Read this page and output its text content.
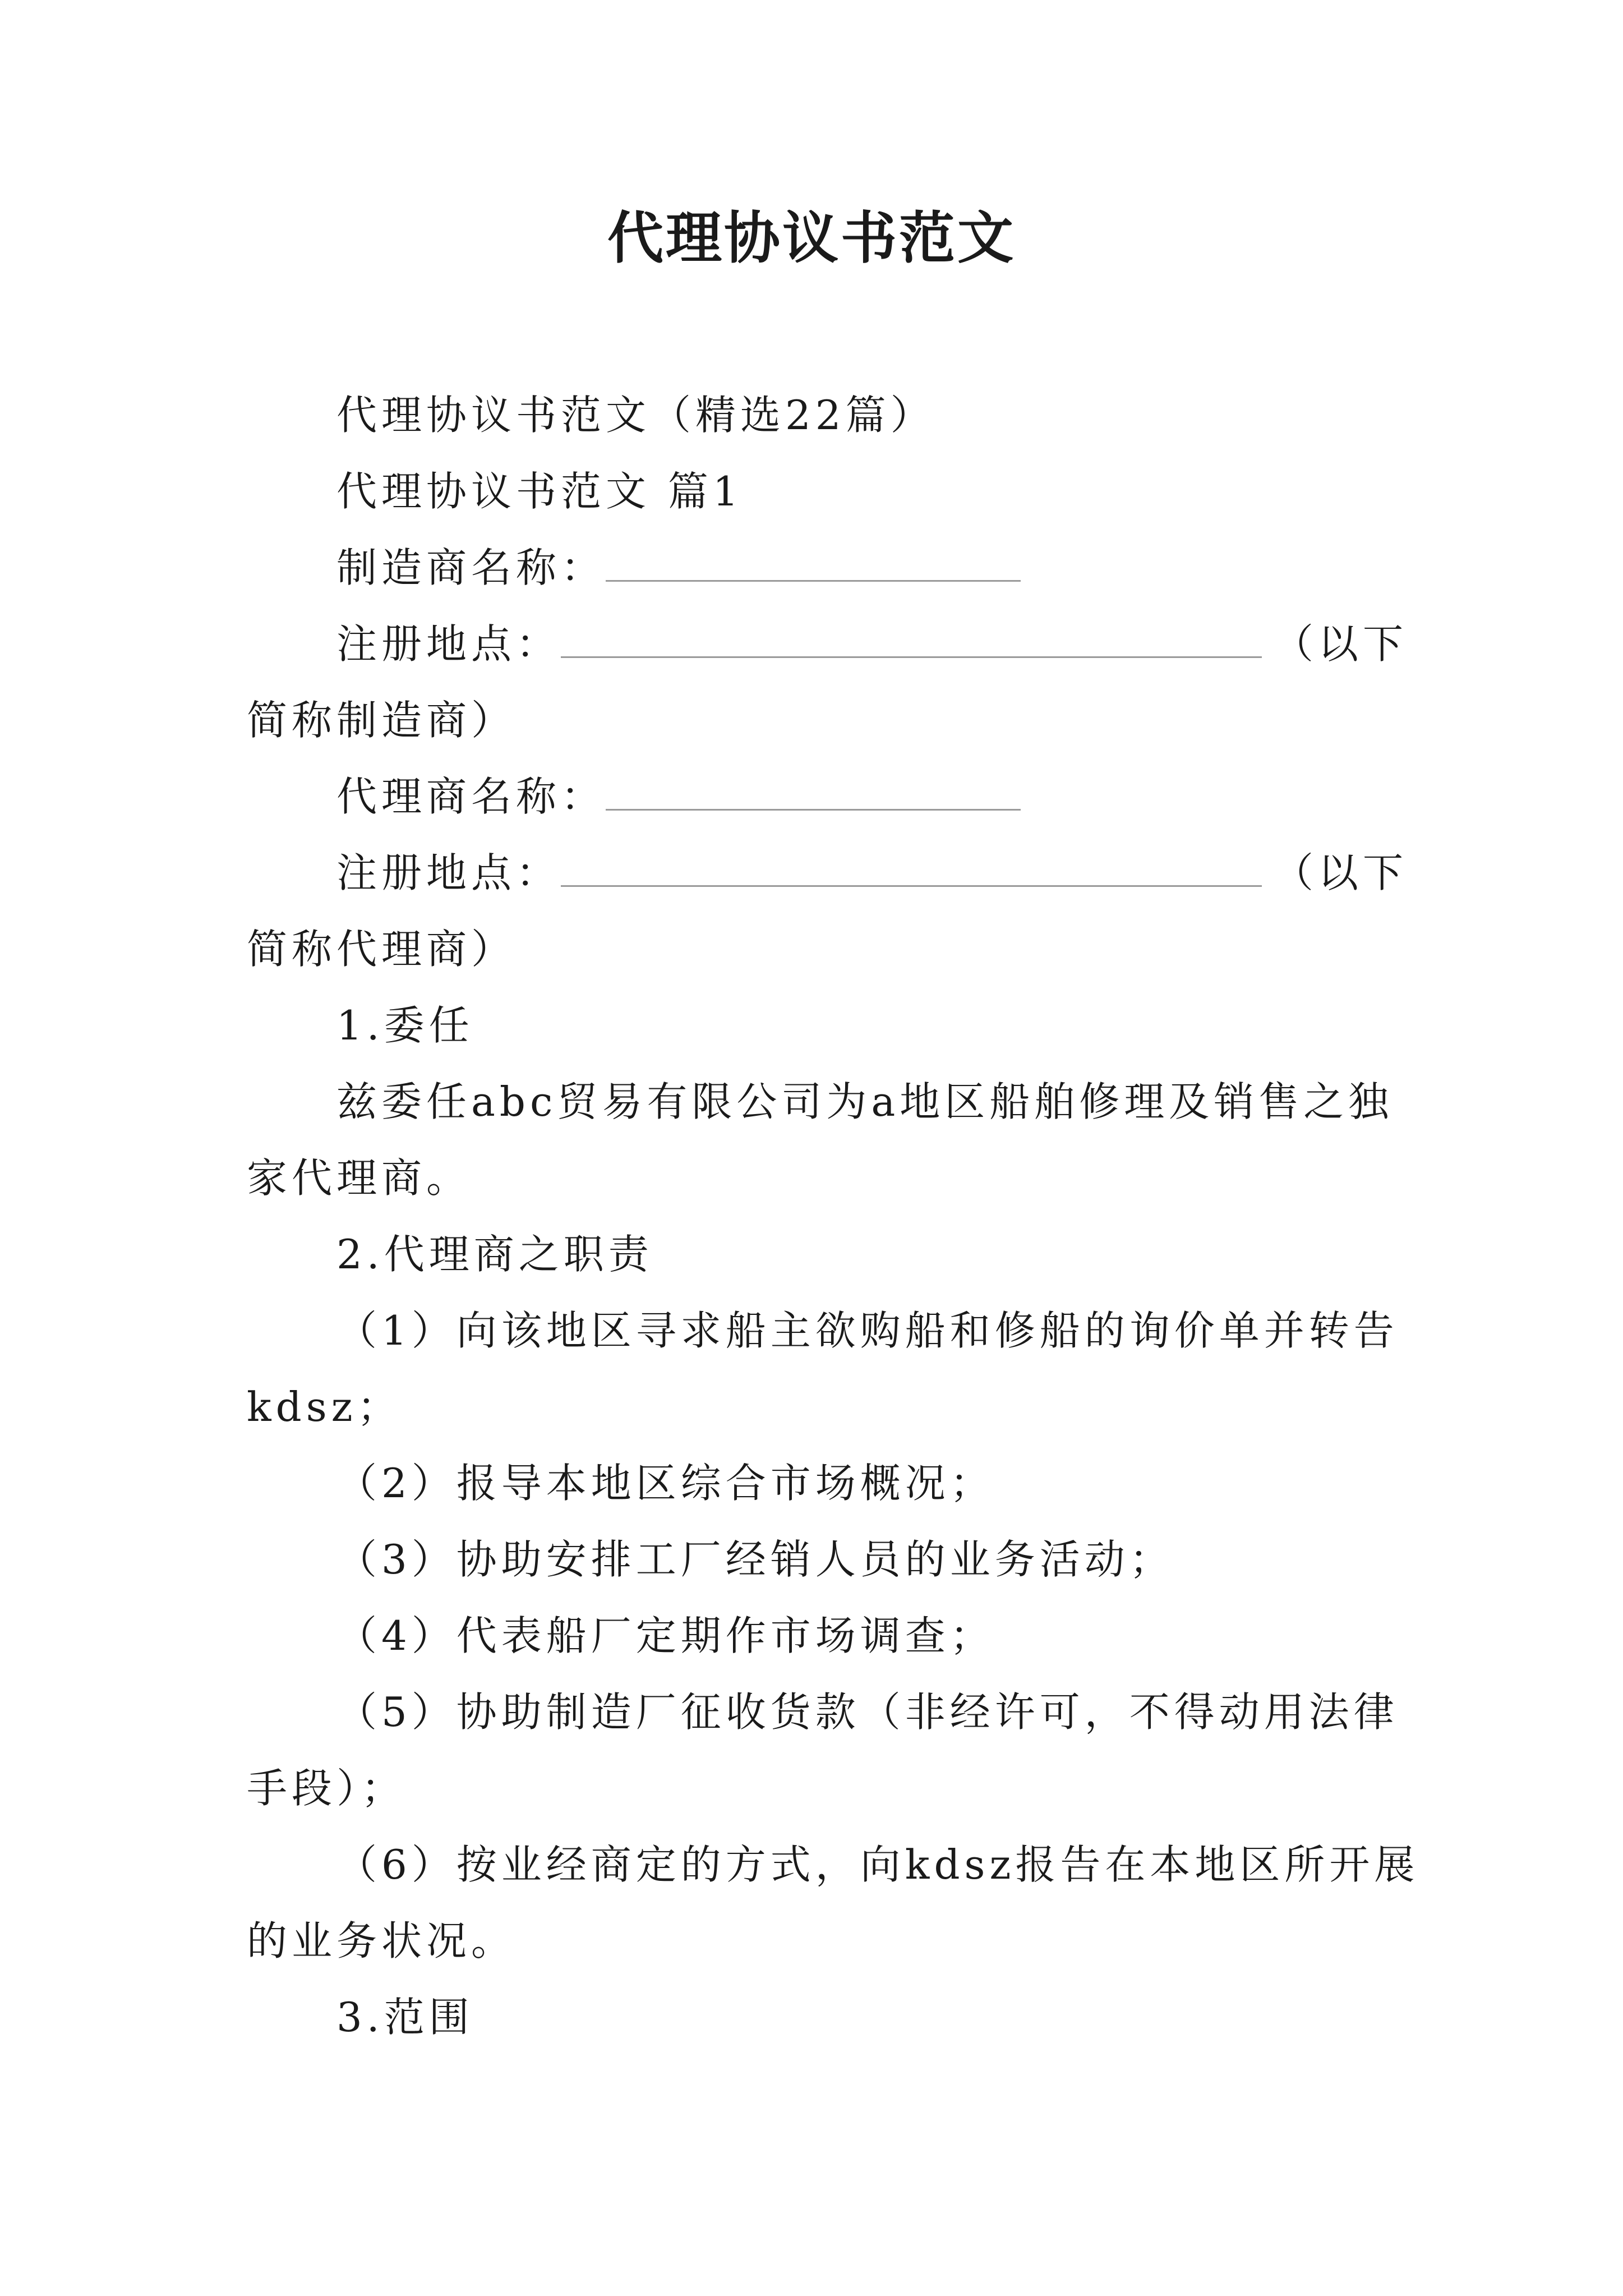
代理协议书范文
代理协议书范文（精选22篇）
代理协议书范文 篇1
制造商名称：
注册地点：	（以下
简称制造商）
代理商名称：
注册地点：	（以下
简称代理商）
1.委任
兹委任abc贸易有限公司为a地区船舶修理及销售之独
家代理商。
2.代理商之职责
（1）向该地区寻求船主欲购船和修船的询价单并转告
kdsz；
（2）报导本地区综合市场概况；
（3）协助安排工厂经销人员的业务活动；
（4）代表船厂定期作市场调查；
（5）协助制造厂征收货款（非经许可，不得动用法律
手段）；
（6）按业经商定的方式，向kdsz报告在本地区所开展
的业务状况。
3.范围
